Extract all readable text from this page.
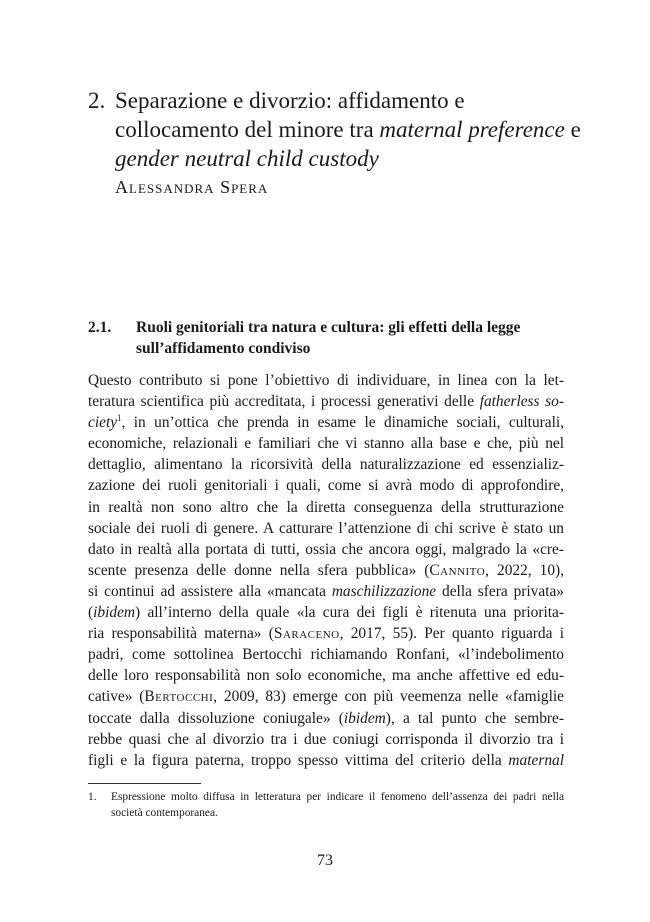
2. Separazione e divorzio: affidamento e
collocamento del minore tra maternal preference e
gender neutral child custody
Alessandra Spera
2.1. Ruoli genitoriali tra natura e cultura: gli effetti della legge
sull’affidamento condiviso
Questo contributo si pone l’obiettivo di individuare, in linea con la let-
teratura scientifica più accreditata, i processi generativi delle fatherless so-
ciety$^1$, in un’ottica che prenda in esame le dinamiche sociali, culturali,
economiche, relazionali e familiari che vi stanno alla base e che, più nel
dettaglio, alimentano la ricorsività della naturalizzazione ed essenzializ-
zazione dei ruoli genitoriali i quali, come si avrà modo di approfondire,
in realtà non sono altro che la diretta conseguenza della strutturazione
sociale dei ruoli di genere. A catturare l’attenzione di chi scrive è stato un
dato in realtà alla portata di tutti, ossia che ancora oggi, malgrado la «cre-
scente presenza delle donne nella sfera pubblica» (Cannito, 2022, 10),
si continui ad assistere alla «mancata maschilizzazione della sfera privata»
(ibidem) all’interno della quale «la cura dei figli è ritenuta una priorita-
ria responsabilità materna» (Saraceno, 2017, 55). Per quanto riguarda i
padri, come sottolinea Bertocchi richiamando Ronfani, «l’indebolimento
delle loro responsabilità non solo economiche, ma anche affettive ed edu-
cative» (Bertocchi, 2009, 83) emerge con più veemenza nelle «famiglie
toccate dalla dissoluzione coniugale» (ibidem), a tal punto che sembre-
rebbe quasi che al divorzio tra i due coniugi corrisponda il divorzio tra i
figli e la figura paterna, troppo spesso vittima del criterio della maternal
1. Espressione molto diffusa in letteratura per indicare il fenomeno dell’assenza dei padri nella
società contemporanea.
73
